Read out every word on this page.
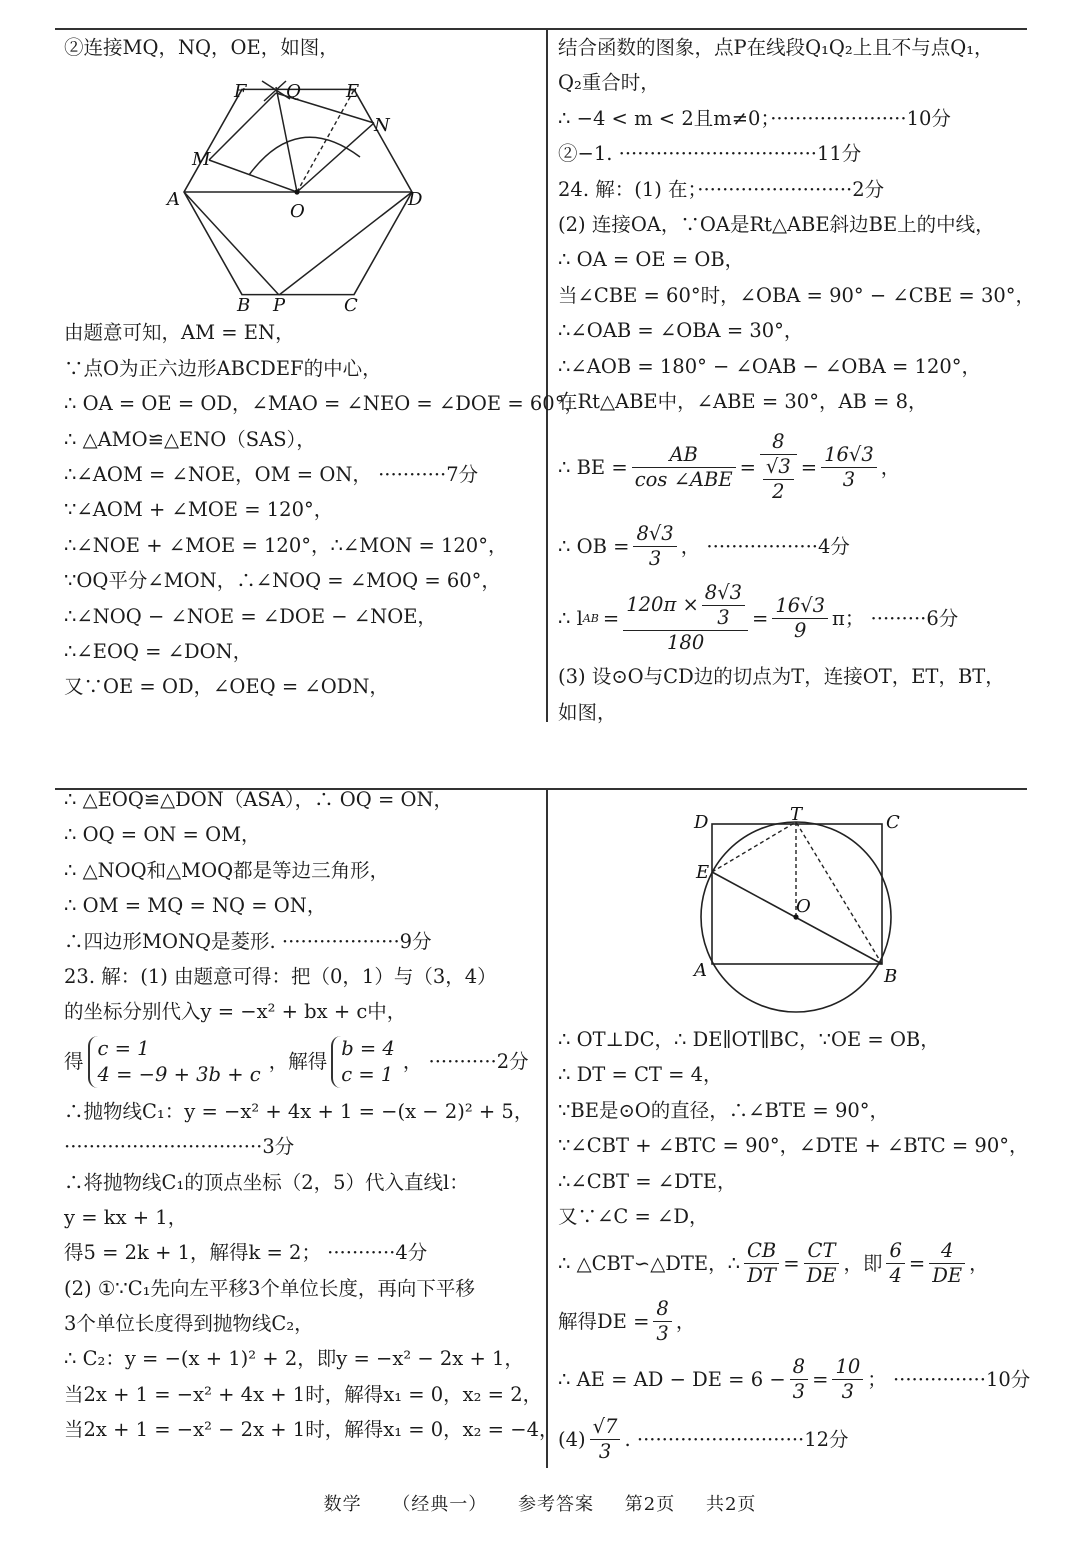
②连接MQ，NQ，OE，如图，
F Q	E
N
M
A
O
D
B P	C
由题意可知，AM = EN，
∵点O为正六边形ABCDEF的中心，
∴ OA = OE = OD，∠MAO = ∠NEO = ∠DOE = 60°，
∴ △AMO≌△ENO（SAS），
∴∠AOM = ∠NOE，OM = ON， ···········7分
∵∠AOM + ∠MOE = 120°，
∴∠NOE + ∠MOE = 120°，∴∠MON = 120°，
∵OQ平分∠MON，∴∠NOQ = ∠MOQ = 60°，
∴∠NOQ − ∠NOE = ∠DOE − ∠NOE，
∴∠EOQ = ∠DON，
又∵OE = OD，∠OEQ = ∠ODN，
结合函数的图象，点P在线段Q₁Q₂上且不与点Q₁，
Q₂重合时，
∴ −4 < m < 2且m≠0；······················10分
②−1. ································11分
24. 解：(1) 在；·························2分
(2) 连接OA，∵OA是Rt△ABE斜边BE上的中线，
∴ OA = OE = OB，
当∠CBE = 60°时，∠OBA = 90° − ∠CBE = 30°，
∴∠OAB = ∠OBA = 30°，
∴∠AOB = 180° − ∠OAB − ∠OBA = 120°，
在Rt△ABE中，∠ABE = 30°，AB = 8，
∴ BE = $\frac{AB}{\text{cos ∠ABE}} = \frac{8}{\frac{√3}{2}} = \frac{16√3}{3}$ ，
∴ OB = $\frac{8√3}{3}$ ， ··················4分
∴ l AB = $\frac{120\pi \times \frac{8√3}{3}}{180} = \frac{16√3}{9}$ π； ·········6分
(3) 设⊙O与CD边的切点为T，连接OT，ET，BT，
如图，
∴ △EOQ≌△DON（ASA），∴ OQ = ON，
∴ OQ = ON = OM，
∴ △NOQ和△MOQ都是等边三角形，
∴ OM = MQ = NQ = ON，
∴四边形MONQ是菱形. ···················9分
23. 解：(1) 由题意可得：把（0，1）与（3，4）
的坐标分别代入y = −x² + bx + c中，
得
c = 1
4 = −9 + 3b + c
，解得
b = 4
c = 1
， ···········2分
∴抛物线C₁：y = −x² + 4x + 1 = −(x − 2)² + 5，
································3分
∴将抛物线C₁的顶点坐标（2，5）代入直线l：
y = kx + 1，
得5 = 2k + 1，解得k = 2； ···········4分
(2) ①∵C₁先向左平移3个单位长度，再向下平移
3个单位长度得到抛物线C₂，
∴ C₂：y = −(x + 1)² + 2，即y = −x² − 2x + 1，
当2x + 1 = −x² + 4x + 1时，解得x₁ = 0，x₂ = 2，
当2x + 1 = −x² − 2x + 1时，解得x₁ = 0，x₂ = −4，
D	T	C
E
O
A	B
∴ OT⊥DC，∴ DE∥OT∥BC，∵OE = OB，
∴ DT = CT = 4，
∵BE是⊙O的直径，∴∠BTE = 90°，
∵∠CBT + ∠BTC = 90°，∠DTE + ∠BTC = 90°，
∴∠CBT = ∠DTE，
又∵∠C = ∠D，
∴ △CBT∽△DTE，∴ $\frac{CB}{DT} = \frac{CT}{DE}$ ，即 $\frac{6}{4} = \frac{4}{DE}$ ，
解得DE = $\frac{8}{3}$ ，
∴ AE = AD − DE = $6 - \frac{8}{3} = \frac{10}{3}$ ； ···············10分
$(4) \frac{√7}{3}$ . ···························12分
数学 （经典一） 参考答案 第2页 共2页
